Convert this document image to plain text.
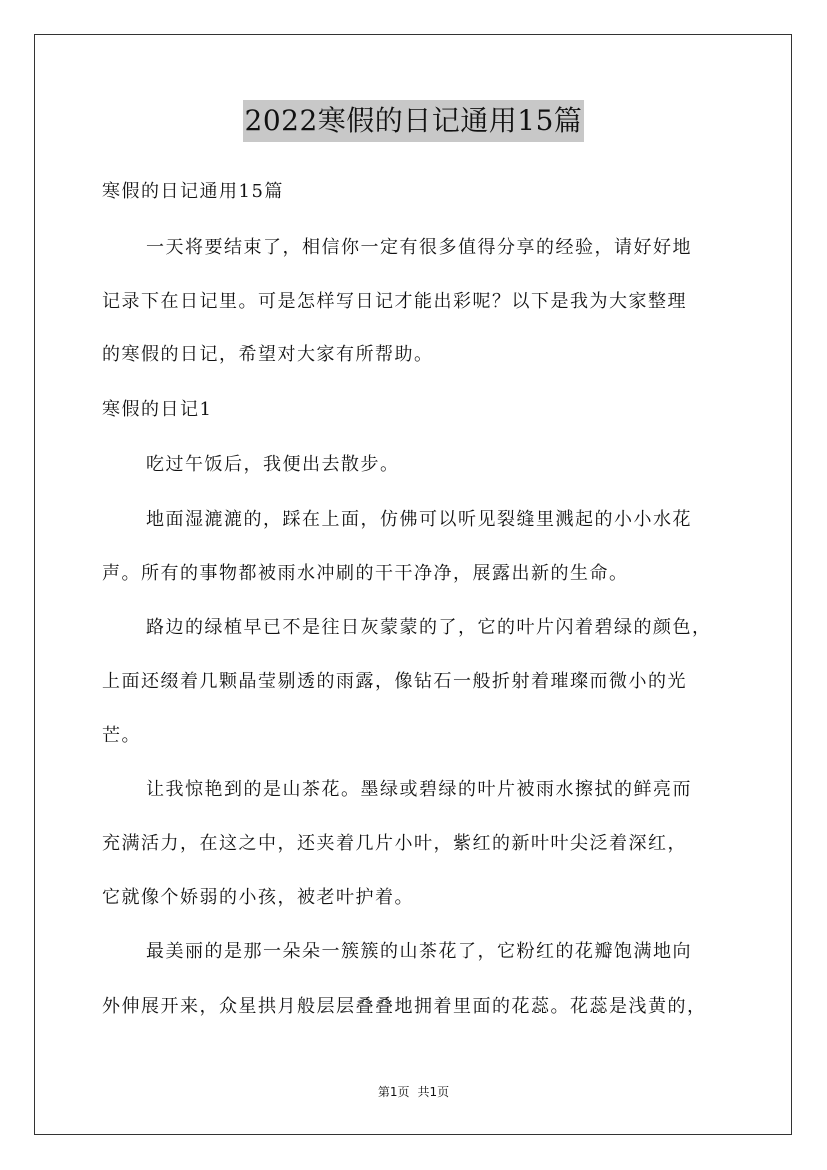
2022寒假的日记通用15篇
寒假的日记通用15篇
一天将要结束了，相信你一定有很多值得分享的经验，请好好地
记录下在日记里。可是怎样写日记才能出彩呢？以下是我为大家整理
的寒假的日记，希望对大家有所帮助。
寒假的日记1
吃过午饭后，我便出去散步。
地面湿漉漉的，踩在上面，仿佛可以听见裂缝里溅起的小小水花
声。所有的事物都被雨水冲刷的干干净净，展露出新的生命。
路边的绿植早已不是往日灰蒙蒙的了，它的叶片闪着碧绿的颜色，
上面还缀着几颗晶莹剔透的雨露，像钻石一般折射着璀璨而微小的光
芒。
让我惊艳到的是山茶花。墨绿或碧绿的叶片被雨水擦拭的鲜亮而
充满活力，在这之中，还夹着几片小叶，紫红的新叶叶尖泛着深红，
它就像个娇弱的小孩，被老叶护着。
最美丽的是那一朵朵一簇簇的山茶花了，它粉红的花瓣饱满地向
外伸展开来，众星拱月般层层叠叠地拥着里面的花蕊。花蕊是浅黄的，
第1页 共1页
